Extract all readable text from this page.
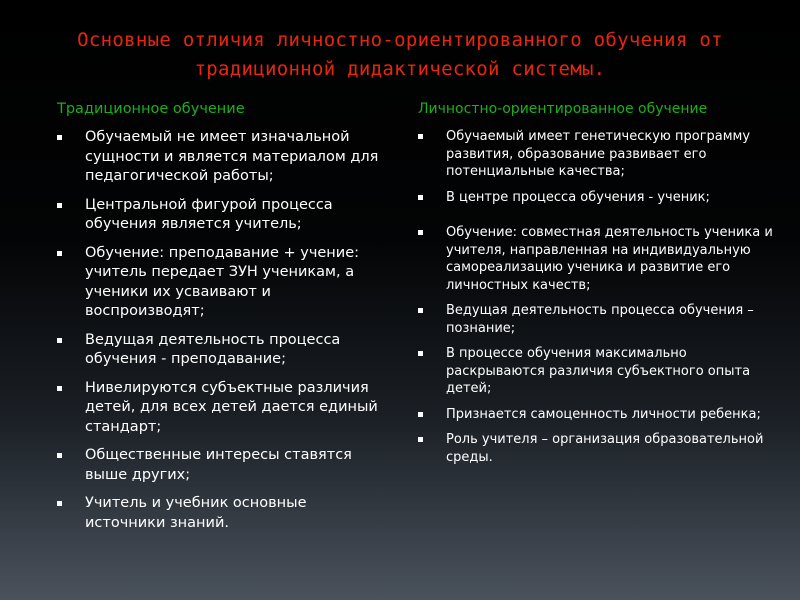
Основные отличия личностно-ориентированного обучения от традиционной дидактической системы.
Традиционное обучение
Обучаемый не имеет изначальной сущности и является материалом для педагогической работы;
Центральной фигурой процесса обучения является учитель;
Обучение: преподавание + учение: учитель передает ЗУН ученикам, а ученики их усваивают и воспроизводят;
Ведущая деятельность процесса обучения - преподавание;
Нивелируются субъектные различия детей, для всех детей дается единый стандарт;
Общественные интересы ставятся выше других;
Учитель и учебник основные источники знаний.
Личностно-ориентированное обучение
Обучаемый имеет генетическую программу развития, образование развивает его потенциальные качества;
В центре процесса обучения - ученик;
Обучение: совместная деятельность ученика и учителя, направленная на индивидуальную самореализацию ученика и развитие его личностных качеств;
Ведущая деятельность процесса обучения – познание;
В процессе обучения максимально раскрываются различия субъектного опыта детей;
Признается самоценность личности ребенка;
Роль учителя – организация образовательной среды.
